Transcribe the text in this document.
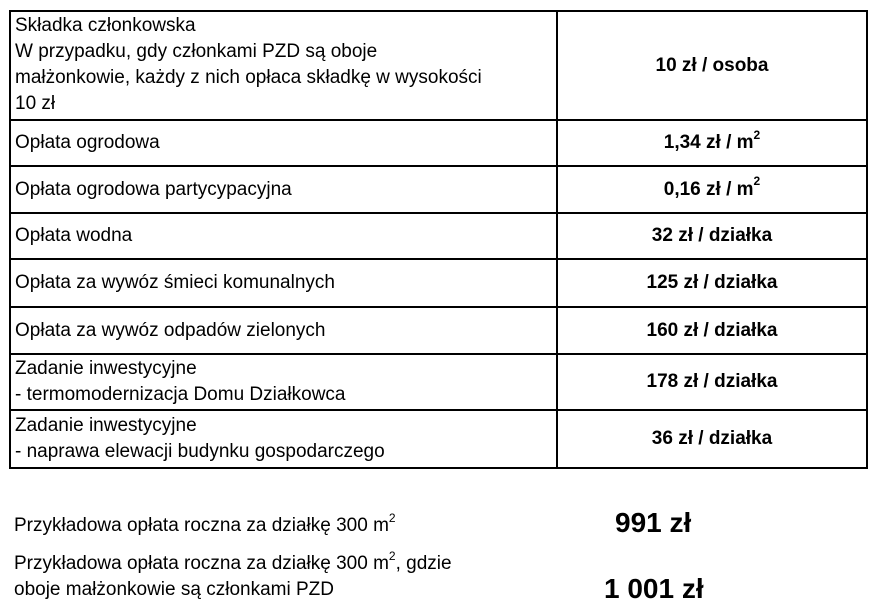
Składka członkowska
W przypadku, gdy członkami PZD są oboje
małżonkowie, każdy z nich opłaca składkę w wysokości
10 zł	10 zł / osoba
Opłata ogrodowa	1,34 zł / $m^2$
Opłata ogrodowa partycypacyjna	0,16 zł / $m^2$
Opłata wodna	32 zł / działka
Opłata za wywóz śmieci komunalnych	125 zł / działka
Opłata za wywóz odpadów zielonych	160 zł / działka

Zadanie inwestycyjne
- termomodernizacja Domu Działkowca	178 zł / działka

Zadanie inwestycyjne
- naprawa elewacji budynku gospodarczego	36 zł / działka
Przykładowa opłata roczna za działkę 300 $m^2$	991 zł
Przykładowa opłata roczna za działkę 300 $m^2$, gdzie
oboje małżonkowie są członkami PZD	1 001 zł
